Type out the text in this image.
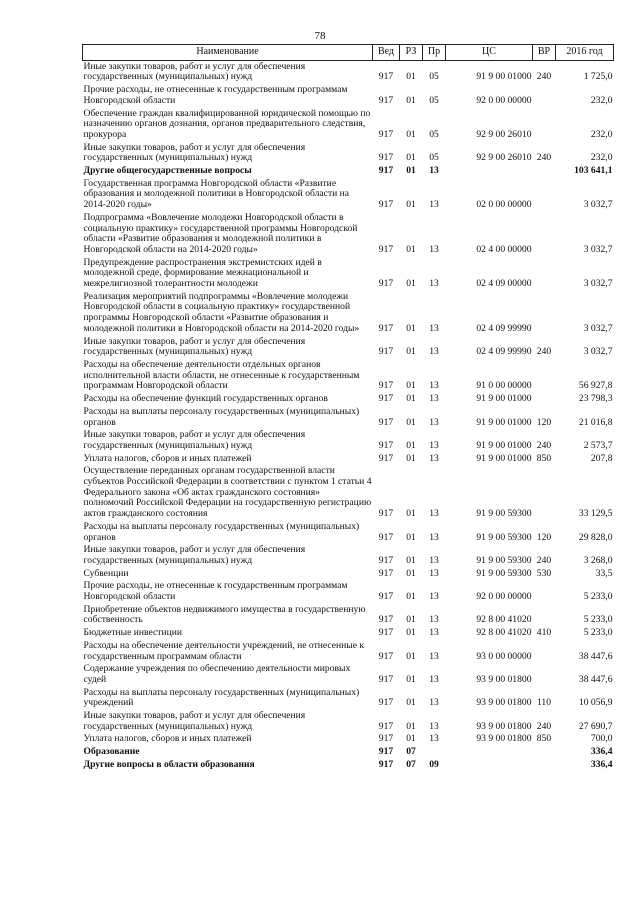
78
Наименование	Вед	РЗ	Пр	ЦС	ВР	2016 год
Иные закупки товаров, работ и услуг для обеспечения государственных (муниципальных) нужд	917	01	05	91 9 00 01000	240	1 725,0
Прочие расходы, не отнесенные к государственным программам Новгородской области	917	01	05	92 0 00 00000		232,0
Обеспечение граждан квалифицированной юридической помощью по назначению органов дознания, органов предварительного следствия, прокурора	917	01	05	92 9 00 26010		232,0
Иные закупки товаров, работ и услуг для обеспечения государственных (муниципальных) нужд	917	01	05	92 9 00 26010	240	232,0
Другие общегосударственные вопросы	917	01	13			103 641,1
Государственная программа Новгородской области «Развитие образования и молодежной политики в Новгородской области на 2014-2020 годы»	917	01	13	02 0 00 00000		3 032,7
Подпрограмма «Вовлечение молодежи Новгородской области в социальную практику» государственной программы Новгородской области «Развитие образования и молодежной политики в Новгородской области на 2014-2020 годы»	917	01	13	02 4 00 00000		3 032,7
Предупреждение распространения экстремистских идей в молодежной среде, формирование межнациональной и межрелигиозной толерантности молодежи	917	01	13	02 4 09 00000		3 032,7
Реализация мероприятий подпрограммы «Вовлечение молодежи Новгородской области в социальную практику» государственной программы Новгородской области «Развитие образования и молодежной политики в Новгородской области на 2014-2020 годы»	917	01	13	02 4 09 99990		3 032,7
Иные закупки товаров, работ и услуг для обеспечения государственных (муниципальных) нужд	917	01	13	02 4 09 99990	240	3 032,7
Расходы на обеспечение деятельности отдельных органов исполнительной власти области, не отнесенные к государственным программам Новгородской области	917	01	13	91 0 00 00000		56 927,8
Расходы на обеспечение функций государственных органов	917	01	13	91 9 00 01000		23 798,3
Расходы на выплаты персоналу государственных (муниципальных) органов	917	01	13	91 9 00 01000	120	21 016,8
Иные закупки товаров, работ и услуг для обеспечения государственных (муниципальных) нужд	917	01	13	91 9 00 01000	240	2 573,7
Уплата налогов, сборов и иных платежей	917	01	13	91 9 00 01000	850	207,8
Осуществление переданных органам государственной власти субъектов Российской Федерации в соответствии с пунктом 1 статьи 4 Федерального закона «Об актах гражданского состояния» полномочий Российской Федерации на государственную регистрацию актов гражданского состояния	917	01	13	91 9 00 59300		33 129,5
Расходы на выплаты персоналу государственных (муниципальных) органов	917	01	13	91 9 00 59300	120	29 828,0
Иные закупки товаров, работ и услуг для обеспечения государственных (муниципальных) нужд	917	01	13	91 9 00 59300	240	3 268,0
Субвенции	917	01	13	91 9 00 59300	530	33,5
Прочие расходы, не отнесенные к государственным программам Новгородской области	917	01	13	92 0 00 00000		5 233,0
Приобретение объектов недвижимого имущества в государственную собственность	917	01	13	92 8 00 41020		5 233,0
Бюджетные инвестиции	917	01	13	92 8 00 41020	410	5 233,0
Расходы на обеспечение деятельности учреждений, не отнесенные к государственным программам области	917	01	13	93 0 00 00000		38 447,6
Содержание учреждения по обеспечению деятельности мировых судей	917	01	13	93 9 00 01800		38 447,6
Расходы на выплаты персоналу государственных (муниципальных) учреждений	917	01	13	93 9 00 01800	110	10 056,9
Иные закупки товаров, работ и услуг для обеспечения государственных (муниципальных) нужд	917	01	13	93 9 00 01800	240	27 690,7
Уплата налогов, сборов и иных платежей	917	01	13	93 9 00 01800	850	700,0
Образование	917	07				336,4
Другие вопросы в области образования	917	07	09			336,4
